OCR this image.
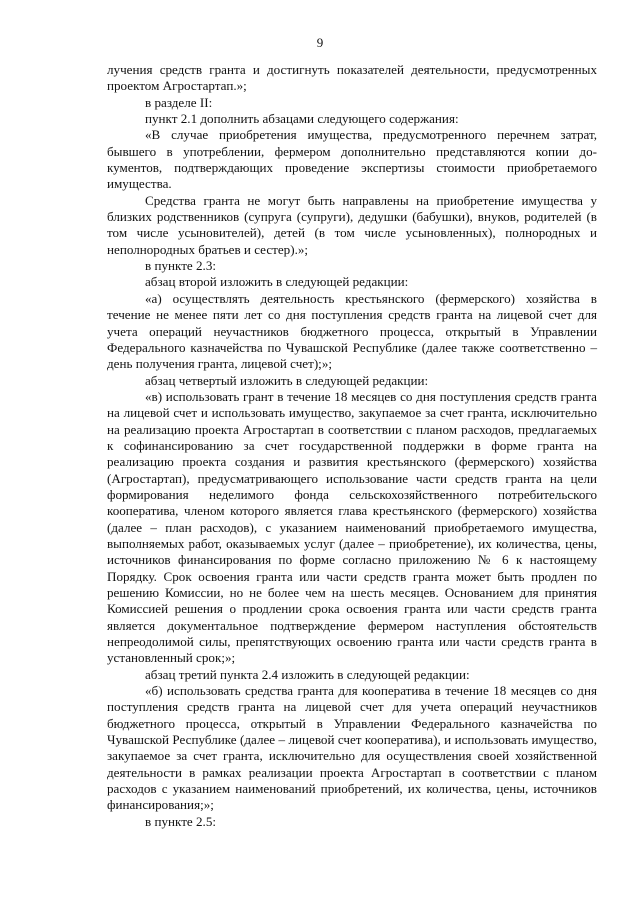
9

лучения средств гранта и достигнуть показателей деятельности, предусмотренных проектом Агростартап.»;

в разделе II:

пункт 2.1 дополнить абзацами следующего содержания:

«В случае приобретения имущества, предусмотренного перечнем затрат, бывшего в употреблении, фермером дополнительно представляются копии документов, подтверждающих проведение экспертизы стоимости приобретаемого имущества.

Средства гранта не могут быть направлены на приобретение имущества у близких родственников (супруга (супруги), дедушки (бабушки), внуков, родителей (в том числе усыновителей), детей (в том числе усыновленных), полнородных и неполнородных братьев и сестер).»;

в пункте 2.3:

абзац второй изложить в следующей редакции:

«а) осуществлять деятельность крестьянского (фермерского) хозяйства в течение не менее пяти лет со дня поступления средств гранта на лицевой счет для учета операций неучастников бюджетного процесса, открытый в Управлении Федерального казначейства по Чувашской Республике (далее также соответственно – день получения гранта, лицевой счет);»;

абзац четвертый изложить в следующей редакции:

«в) использовать грант в течение 18 месяцев со дня поступления средств гранта на лицевой счет и использовать имущество, закупаемое за счет гранта, исключительно на реализацию проекта Агростартап в соответствии с планом расходов, предлагаемых к софинансированию за счет государственной поддержки в форме гранта на реализацию проекта создания и развития крестьянского (фермерского) хозяйства (Агростартап), предусматривающего использование части средств гранта на цели формирования неделимого фонда сельскохозяйственного потребительского кооператива, членом которого является глава крестьянского (фермерского) хозяйства (далее – план расходов), с указанием наименований приобретаемого имущества, выполняемых работ, оказываемых услуг (далее – приобретение), их количества, цены, источников финансирования по форме согласно приложению № 6 к настоящему Порядку. Срок освоения гранта или части средств гранта может быть продлен по решению Комиссии, но не более чем на шесть месяцев. Основанием для принятия Комиссией решения о продлении срока освоения гранта или части средств гранта является документальное подтверждение фермером наступления обстоятельств непреодолимой силы, препятствующих освоению гранта или части средств гранта в установленный срок;»;

абзац третий пункта 2.4 изложить в следующей редакции:

«б) использовать средства гранта для кооператива в течение 18 месяцев со дня поступления средств гранта на лицевой счет для учета операций неучастников бюджетного процесса, открытый в Управлении Федерального казначейства по Чувашской Республике (далее – лицевой счет кооператива), и использовать имущество, закупаемое за счет гранта, исключительно для осуществления своей хозяйственной деятельности в рамках реализации проекта Агростартап в соответствии с планом расходов с указанием наименований приобретений, их количества, цены, источников финансирования;»;

в пункте 2.5:
